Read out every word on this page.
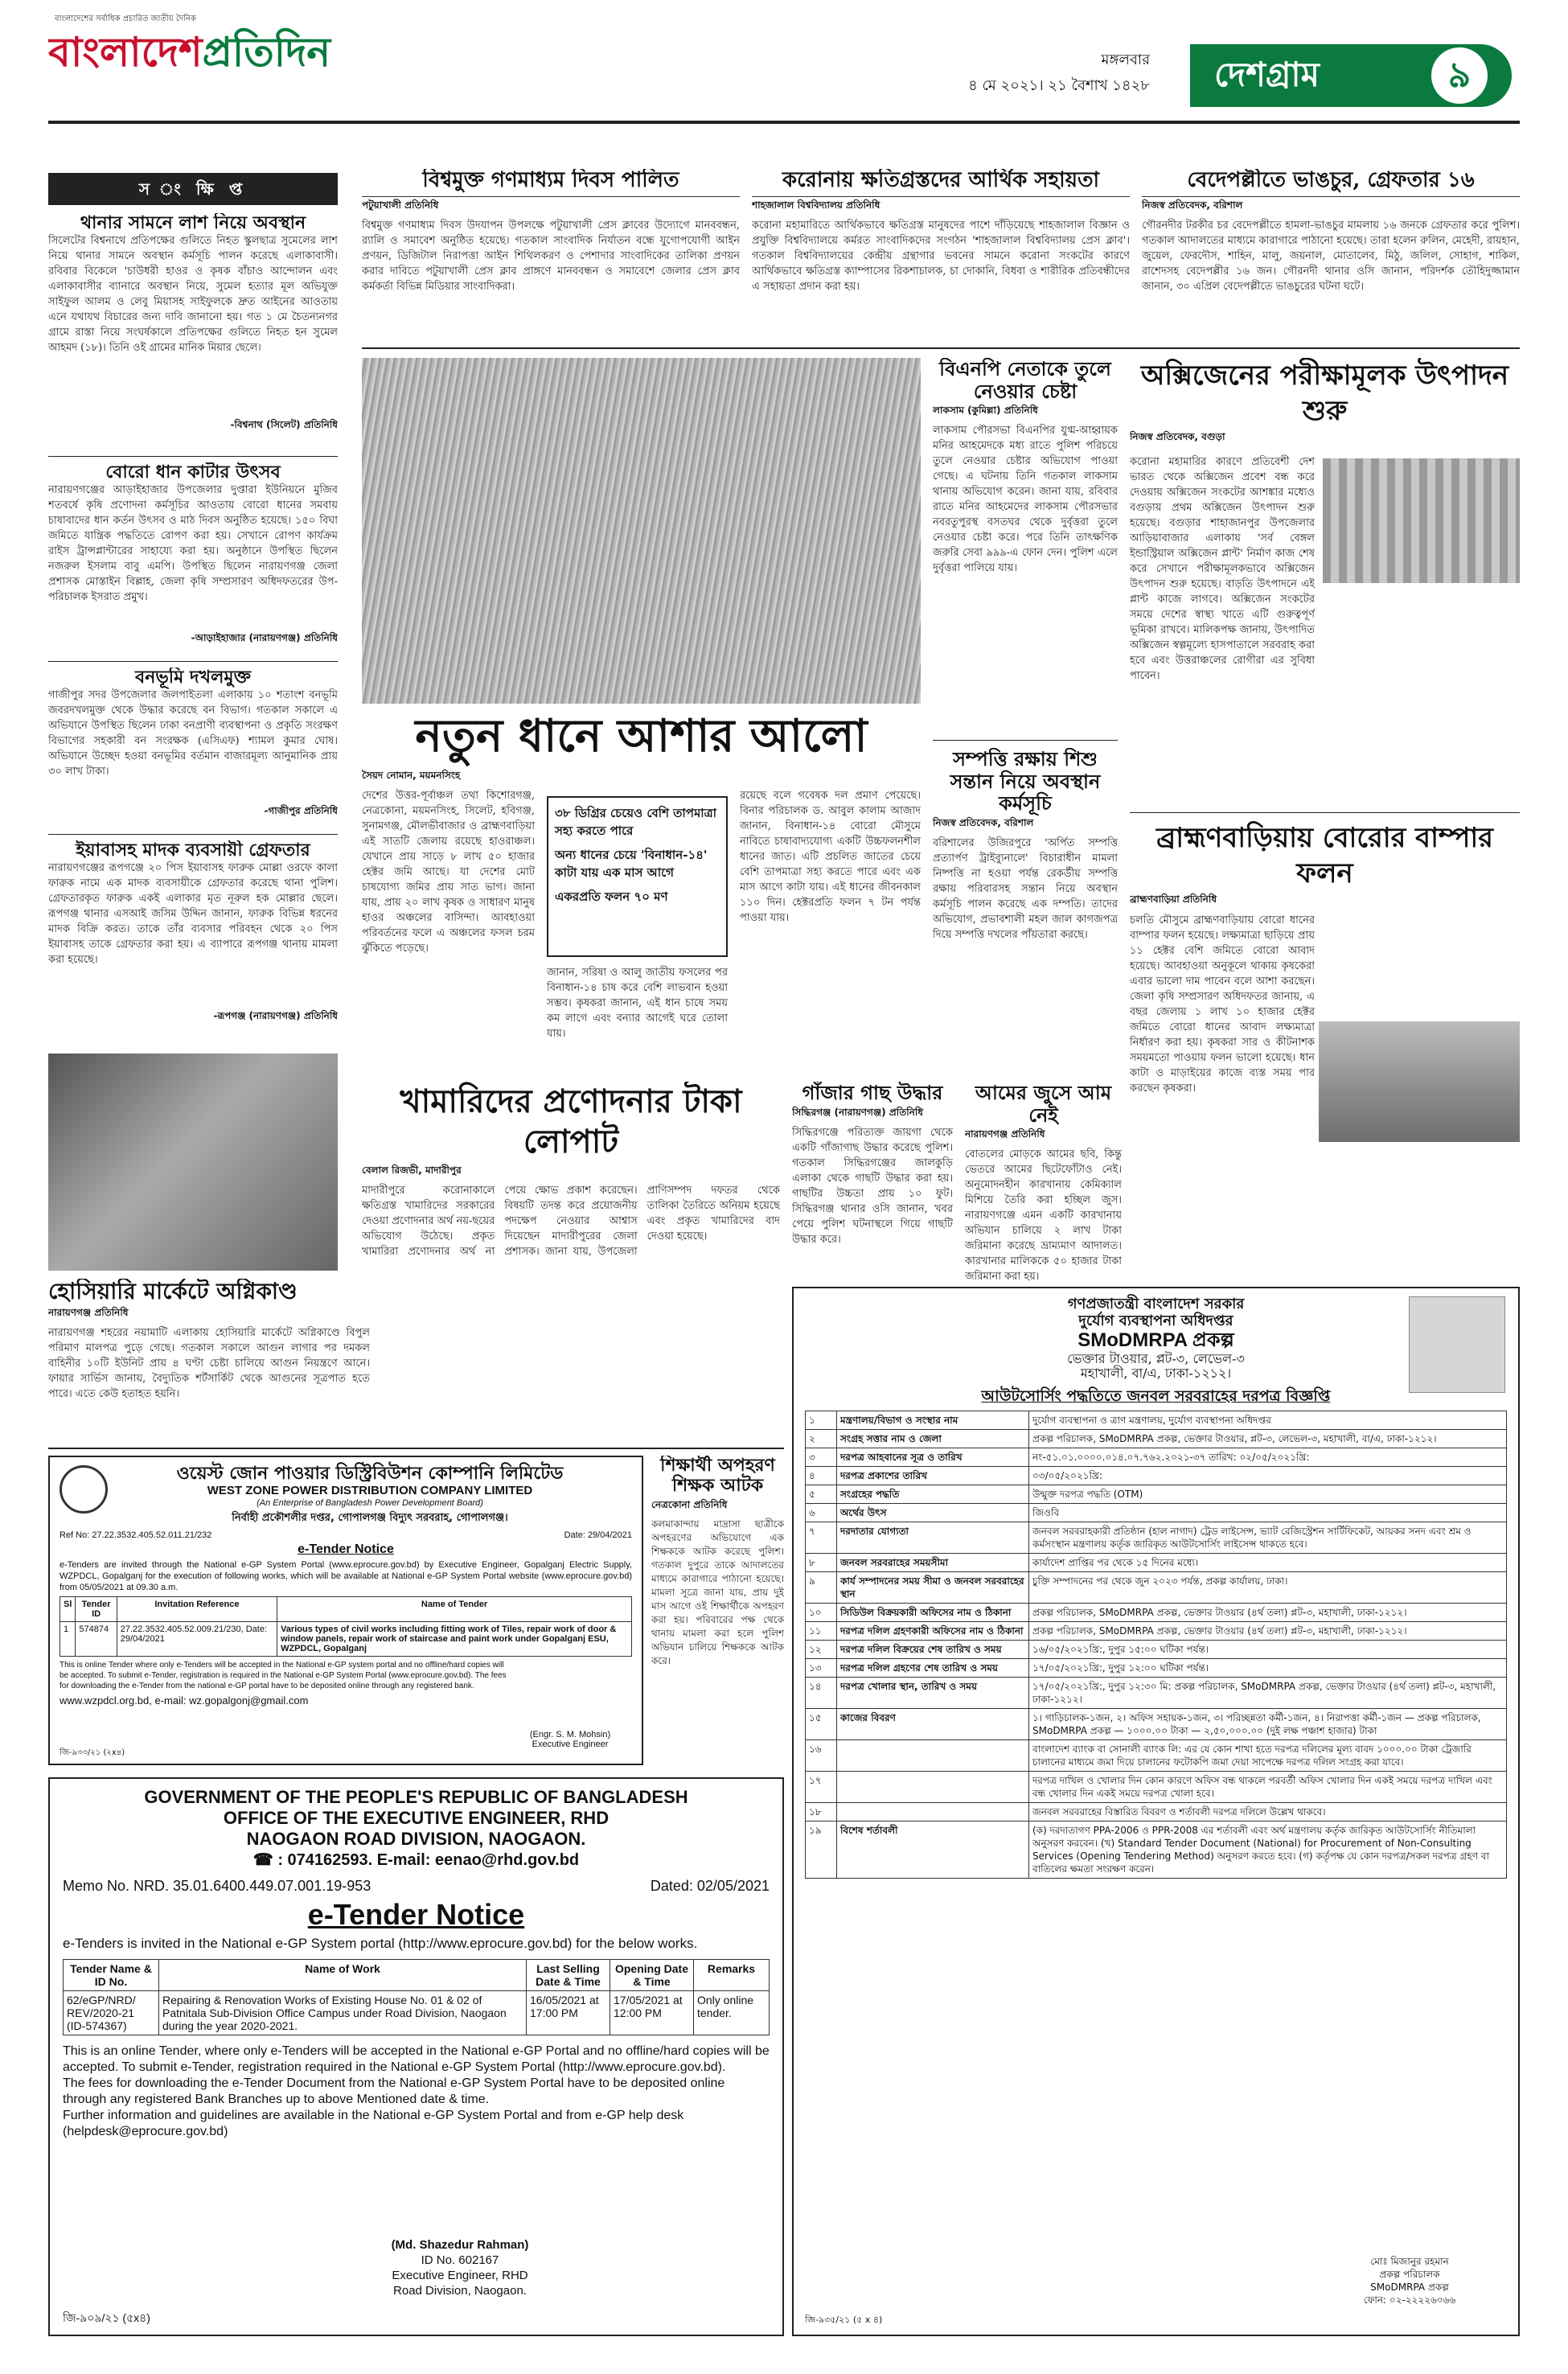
বাংলাদেশের সর্বাধিক প্রচারিত জাতীয় দৈনিক
বাংলাদেশপ্রতিদিন	মঙ্গলবার
৪ মে ২০২১। ২১ বৈশাখ ১৪২৮ দেশগ্রাম	৯
স ং ক্ষি প্ত
থানার সামনে লাশ নিয়ে অবস্থান
সিলেটের বিশ্বনাথে প্রতিপক্ষের গুলিতে নিহত স্কুলছাত্র সুমেলের লাশ নিয়ে থানার সামনে অবস্থান কর্মসূচি পালন করেছে এলাকাবাসী। রবিবার বিকেলে 'চাউধরী হাওর ও কৃষক বাঁচাও আন্দোলন এবং এলাকাবাসীর ব্যানারে অবস্থান নিয়ে, সুমেল হত্যার মূল অভিযুক্ত সাইফুল আলম ও লেবু মিয়াসহ সাইফুলকে দ্রুত আইনের আওতায় এনে যথাযথ বিচারের জন্য দাবি জানানো হয়। গত ১ মে চৈতন্যনগর গ্রামে রাস্তা নিয়ে সংঘর্ষকালে প্রতিপক্ষের গুলিতে নিহত হন সুমেল আহমদ (১৮)। তিনি ওই গ্রামের মানিক মিয়ার ছেলে।
-বিশ্বনাথ (সিলেট) প্রতিনিধি
বোরো ধান কাটার উৎসব
নারায়ণগঞ্জের আড়াইহাজার উপজেলার দুপ্তারা ইউনিয়নে মুজিব শতবর্ষে কৃষি প্রণোদনা কর্মসূচির আওতায় বোরো ধানের সমবায় চাষাবাদের ধান কর্তন উৎসব ও মাঠ দিবস অনুষ্ঠিত হয়েছে। ১৫০ বিঘা জমিতে যান্ত্রিক পদ্ধতিতে রোপণ করা হয়। সেখানে রোপণ কার্যক্রম রাইস ট্রান্সপ্লান্টারের সাহায্যে করা হয়। অনুষ্ঠানে উপস্থিত ছিলেন নজরুল ইসলাম বাবু এমপি। উপস্থিত ছিলেন নারায়ণগঞ্জ জেলা প্রশাসক মোস্তাইন বিল্লাহ, জেলা কৃষি সম্প্রসারণ অধিদফতরের উপ-পরিচালক ইসরাত প্রমুখ।
-আড়াইহাজার (নারায়ণগঞ্জ) প্রতিনিধি
বনভূমি দখলমুক্ত
গাজীপুর সদর উপজেলার জলপাইতলা এলাকায় ১০ শতাংশ বনভূমি জবরদখলমুক্ত থেকে উদ্ধার করেছে বন বিভাগ। গতকাল সকালে এ অভিযানে উপস্থিত ছিলেন ঢাকা বনপ্রাণী ব্যবস্থাপনা ও প্রকৃতি সংরক্ষণ বিভাগের সহকারী বন সংরক্ষক (এসিএফ) শ্যামল কুমার ঘোষ। অভিযানে উচ্ছেদ হওয়া বনভূমির বর্তমান বাজারমূল্য আনুমানিক প্রায় ৩০ লাখ টাকা।
-গাজীপুর প্রতিনিধি
ইয়াবাসহ মাদক ব্যবসায়ী গ্রেফতার
নারায়ণগঞ্জের রূপগঞ্জে ২০ পিস ইয়াবাসহ ফারুক মোল্লা ওরফে কালা ফারুক নামে এক মাদক ব্যবসায়ীকে গ্রেফতার করেছে থানা পুলিশ। গ্রেফতারকৃত ফারুক একই এলাকার মৃত নূরুল হক মোল্লার ছেলে। রূপগঞ্জ থানার এসআই জসিম উদ্দিন জানান, ফারুক বিভিন্ন ধরনের মাদক বিক্রি করত। তাকে তাঁর ব্যবসার পরিবহন থেকে ২০ পিস ইয়াবাসহ তাকে গ্রেফতার করা হয়। এ ব্যাপারে রূপগঞ্জ থানায় মামলা করা হয়েছে।
-রূপগঞ্জ (নারায়ণগঞ্জ) প্রতিনিধি
বিশ্বমুক্ত গণমাধ্যম দিবস পালিত
পটুয়াখালী প্রতিনিধি
বিশ্বমুক্ত গণমাধ্যম দিবস উদযাপন উপলক্ষে পটুয়াখালী প্রেস ক্লাবের উদ্যোগে মানববন্ধন, র‍্যালি ও সমাবেশ অনুষ্ঠিত হয়েছে। গতকাল সাংবাদিক নির্যাতন বন্ধে যুগোপযোগী আইন প্রণয়ন, ডিজিটাল নিরাপত্তা আইন শিথিলকরণ ও পেশাদার সাংবাদিকের তালিকা প্রণয়ন করার দাবিতে পটুয়াখালী প্রেস ক্লাব প্রাঙ্গণে মানববন্ধন ও সমাবেশে জেলার প্রেস ক্লাব কর্মকর্তা বিভিন্ন মিডিয়ার সাংবাদিকরা।
করোনায় ক্ষতিগ্রস্তদের আর্থিক সহায়তা
শাহজালাল বিশ্ববিদ্যালয় প্রতিনিধি
করোনা মহামারিতে আর্থিকভাবে ক্ষতিগ্রস্ত মানুষদের পাশে দাঁড়িয়েছে শাহজালাল বিজ্ঞান ও প্রযুক্তি বিশ্ববিদ্যালয়ে কর্মরত সাংবাদিকদের সংগঠন 'শাহজালাল বিশ্ববিদ্যালয় প্রেস ক্লাব'। গতকাল বিশ্ববিদ্যালয়ের কেন্দ্রীয় গ্রন্থাগার ভবনের সামনে করোনা সংকটের কারণে আর্থিকভাবে ক্ষতিগ্রস্ত ক্যাম্পাসের রিকশাচালক, চা দোকানি, বিধবা ও শারীরিক প্রতিবন্ধীদের এ সহায়তা প্রদান করা হয়।
বেদেপল্লীতে ভাঙচুর, গ্রেফতার ১৬
নিজস্ব প্রতিবেদক, বরিশাল
গৌরনদীর টরকীর চর বেদেপল্লীতে হামলা-ভাঙচুর মামলায় ১৬ জনকে গ্রেফতার করে পুলিশ। গতকাল আদালতের মাধ্যমে কারাগারে পাঠানো হয়েছে। তারা হলেন রুলিন, মেহেদী, রায়হান, জুয়েল, ফেরদৌস, শাহিন, মালু, জয়নাল, মোতালেব, মিঠু, জলিল, সোহাগ, শাকিল, রাশেদসহ বেদেপল্লীর ১৬ জন। গৌরনদী থানার ওসি জানান, পরিদর্শক তৌহিদুজ্জামান জানান, ৩০ এপ্রিল বেদেপল্লীতে ভাঙচুরের ঘটনা ঘটে।
নতুন ধানে আশার আলো
সৈয়দ নোমান, ময়মনসিংহ
দেশের উত্তর-পূর্বাঞ্চল তথা কিশোরগঞ্জ, নেত্রকোনা, ময়মনসিংহ, সিলেট, হবিগঞ্জ, সুনামগঞ্জ, মৌলভীবাজার ও ব্রাহ্মণবাড়িয়া এই সাতটি জেলায় রয়েছে হাওরাঞ্চল। যেখানে প্রায় সাড়ে ৮ লাখ ৫০ হাজার হেক্টর জমি আছে। যা দেশের মোট চাষযোগ্য জমির প্রায় সাত ভাগ। জানা যায়, প্রায় ২০ লাখ কৃষক ও সাধারণ মানুষ হাওর অঞ্চলের বাসিন্দা। আবহাওয়া পরিবর্তনের ফলে এ অঞ্চলের ফসল চরম ঝুঁকিতে পড়েছে।
৩৮ ডিগ্রির চেয়েও বেশি তাপমাত্রা সহ্য করতে পারে
অন্য ধানের চেয়ে 'বিনাধান-১৪' কাটা যায় এক মাস আগে
একরপ্রতি ফলন ৭০ মণ
জানান, সরিষা ও আলু জাতীয় ফসলের পর বিনাধান-১৪ চাষ করে বেশি লাভবান হওয়া সম্ভব। কৃষকরা জানান, এই ধান চাষে সময় কম লাগে এবং বন্যার আগেই ঘরে তোলা যায়।
রয়েছে বলে গবেষক দল প্রমাণ পেয়েছে। বিনার পরিচালক ড. আবুল কালাম আজাদ জানান, বিনাধান-১৪ বোরো মৌসুমে নাবিতে চাষাবাদ্যযোগ্য একটি উচ্চফলনশীল ধানের জাত। এটি প্রচলিত জাতের চেয়ে বেশি তাপমাত্রা সহ্য করতে পারে এবং এক মাস আগে কাটা যায়। এই ধানের জীবনকাল ১১০ দিন। হেক্টরপ্রতি ফলন ৭ টন পর্যন্ত পাওয়া যায়।
বিএনপি নেতাকে তুলে নেওয়ার চেষ্টা
লাকসাম (কুমিল্লা) প্রতিনিধি
লাকসাম পৌরসভা বিএনপির যুগ্ম-আহ্বায়ক মনির আহমেদকে মধ্য রাতে পুলিশ পরিচয়ে তুলে নেওয়ার চেষ্টার অভিযোগ পাওয়া গেছে। এ ঘটনায় তিনি গতকাল লাকসাম থানায় অভিযোগ করেন। জানা যায়, রবিবার রাতে মনির আহমেদের লাকসাম পৌরসভার নবরতুপুরস্থ বসতঘর থেকে দুর্বৃত্তরা তুলে নেওয়ার চেষ্টা করে। পরে তিনি তাৎক্ষণিক জরুরি সেবা ৯৯৯-এ ফোন দেন। পুলিশ এলে দুর্বৃত্তরা পালিয়ে যায়।
সম্পত্তি রক্ষায় শিশু সন্তান নিয়ে অবস্থান কর্মসূচি
নিজস্ব প্রতিবেদক, বরিশাল
বরিশালের উজিরপুরে 'অর্পিত সম্পত্তি প্রত্যার্পণ ট্রাইব্যুনালে' বিচারাধীন মামলা নিষ্পত্তি না হওয়া পর্যন্ত রেকর্ডীয় সম্পত্তি রক্ষায় পরিবারসহ সন্তান নিয়ে অবস্থান কর্মসূচি পালন করেছে এক দম্পতি। তাদের অভিযোগ, প্রভাবশালী মহল জাল কাগজপত্র দিয়ে সম্পত্তি দখলের পাঁয়তারা করছে।
অক্সিজেনের পরীক্ষামূলক উৎপাদন শুরু
নিজস্ব প্রতিবেদক, বগুড়া
করোনা মহামারির কারণে প্রতিবেশী দেশ ভারত থেকে অক্সিজেন প্রবেশ বন্ধ করে দেওয়ায় অক্সিজেন সংকটের আশঙ্কার মধ্যেও বগুড়ায় প্রথম অক্সিজেন উৎপাদন শুরু হয়েছে। বগুড়ার শাহাজানপুর উপজেলার আড়িয়াবাজার এলাকায় 'সর্ব বেঙ্গল ইন্ডাস্ট্রিয়াল অক্সিজেন প্লান্ট' নির্মাণ কাজ শেষ করে সেখানে পরীক্ষামূলকভাবে অক্সিজেন উৎপাদন শুরু হয়েছে। বাড়তি উৎপাদনে এই প্লান্ট কাজে লাগবে। অক্সিজেন সংকটের সময়ে দেশের স্বাস্থ্য খাতে এটি গুরুত্বপূর্ণ ভূমিকা রাখবে। মালিকপক্ষ জানায়, উৎপাদিত অক্সিজেন স্বল্পমূল্যে হাসপাতালে সরবরাহ করা হবে এবং উত্তরাঞ্চলের রোগীরা এর সুবিধা পাবেন।
ব্রাহ্মণবাড়িয়ায় বোরোর বাম্পার ফলন
ব্রাহ্মণবাড়িয়া প্রতিনিধি
চলতি মৌসুমে ব্রাহ্মণবাড়িয়ায় বোরো ধানের বাম্পার ফলন হয়েছে। লক্ষ্যমাত্রা ছাড়িয়ে প্রায় ১১ হেক্টর বেশি জমিতে বোরো আবাদ হয়েছে। আবহাওয়া অনুকূলে থাকায় কৃষকেরা এবার ভালো দাম পাবেন বলে আশা করছেন। জেলা কৃষি সম্প্রসারণ অধিদফতর জানায়, এ বছর জেলায় ১ লাখ ১০ হাজার হেক্টর জমিতে বোরো ধানের আবাদ লক্ষ্যমাত্রা নির্ধারণ করা হয়। কৃষকরা সার ও কীটনাশক সময়মতো পাওয়ায় ফলন ভালো হয়েছে। ধান কাটা ও মাড়াইয়ের কাজে ব্যস্ত সময় পার করছেন কৃষকরা।
হোসিয়ারি মার্কেটে অগ্নিকাণ্ড
নারায়ণগঞ্জ প্রতিনিধি
নারায়ণগঞ্জ শহরের নয়ামাটি এলাকায় হোসিয়ারি মার্কেটে অগ্নিকাণ্ডে বিপুল পরিমাণ মালপত্র পুড়ে গেছে। গতকাল সকালে আগুন লাগার পর দমকল বাহিনীর ১০টি ইউনিট প্রায় ৪ ঘণ্টা চেষ্টা চালিয়ে আগুন নিয়ন্ত্রণে আনে। ফায়ার সার্ভিস জানায়, বৈদ্যুতিক শর্টসার্কিট থেকে আগুনের সূত্রপাত হতে পারে। এতে কেউ হতাহত হয়নি।
খামারিদের প্রণোদনার টাকা লোপাট
বেলাল রিজভী, মাদারীপুর
মাদারীপুরে করোনাকালে ক্ষতিগ্রস্ত খামারিদের সরকারের দেওয়া প্রণোদনার অর্থ নয়-ছয়ের অভিযোগ উঠেছে। প্রকৃত খামারিরা প্রণোদনার অর্থ না পেয়ে ক্ষোভ প্রকাশ করেছেন। বিষয়টি তদন্ত করে প্রয়োজনীয় পদক্ষেপ নেওয়ার আশ্বাস দিয়েছেন মাদারীপুরের জেলা প্রশাসক। জানা যায়, উপজেলা প্রাণিসম্পদ দফতর থেকে তালিকা তৈরিতে অনিয়ম হয়েছে এবং প্রকৃত খামারিদের বাদ দেওয়া হয়েছে।
গাঁজার গাছ উদ্ধার
সিদ্ধিরগঞ্জ (নারায়ণগঞ্জ) প্রতিনিধি
সিদ্ধিরগঞ্জে পরিত্যক্ত জায়গা থেকে একটি গাঁজাগাছ উদ্ধার করেছে পুলিশ। গতকাল সিদ্ধিরগঞ্জের জালকুড়ি এলাকা থেকে গাছটি উদ্ধার করা হয়। গাছটির উচ্চতা প্রায় ১০ ফুট। সিদ্ধিরগঞ্জ থানার ওসি জানান, খবর পেয়ে পুলিশ ঘটনাস্থলে গিয়ে গাছটি উদ্ধার করে।
আমের জুসে আম নেই
নারায়ণগঞ্জ প্রতিনিধি
বোতলের মোড়কে আমের ছবি, কিন্তু ভেতরে আমের ছিটেফোঁটাও নেই। অনুমোদনহীন কারখানায় কেমিক্যাল মিশিয়ে তৈরি করা হচ্ছিল জুস। নারায়ণগঞ্জে এমন একটি কারখানায় অভিযান চালিয়ে ২ লাখ টাকা জরিমানা করেছে ভ্রাম্যমাণ আদালত। কারখানার মালিককে ৫০ হাজার টাকা জরিমানা করা হয়।
ওয়েস্ট জোন পাওয়ার ডিস্ট্রিবিউশন কোম্পানি লিমিটেড
WEST ZONE POWER DISTRIBUTION COMPANY LIMITED
(An Enterprise of Bangladesh Power Development Board)
নির্বাহী প্রকৌশলীর দপ্তর, গোপালগঞ্জ বিদ্যুৎ সরবরাহ, গোপালগঞ্জ।
Ref No: 27.22.3532.405.52.011.21/232	Date: 29/04/2021
e-Tender Notice
e-Tenders are invited through the National e-GP System Portal (www.eprocure.gov.bd) by Executive Engineer, Gopalganj Electric Supply, WZPDCL, Gopalganj for the execution of following works, which will be available at National e-GP System Portal website (www.eprocure.gov.bd) from 05/05/2021 at 09.30 a.m.
Sl	Tender ID	Invitation Reference	Name of Tender
1	574874	27.22.3532.405.52.009.21/230, Date: 29/04/2021	Various types of civil works including fitting work of Tiles, repair work of door & window panels, repair work of staircase and paint work under Gopalganj ESU, WZPDCL, Gopalganj
This is online Tender where only e-Tenders will be accepted in the National e-GP system portal and no offline/hard copies will be accepted. To submit e-Tender, registration is required in the National e-GP System Portal (www.eprocure.gov.bd). The fees for downloading the e-Tender from the national e-GP portal have to be deposited online through any registered bank.
www.wzpdcl.org.bd, e-mail: wz.gopalgonj@gmail.com
(Engr. S. M. Mohsin)
Executive Engineer
জি-৯৩৩/২১ (২x৪)
শিক্ষার্থী অপহরণ শিক্ষক আটক
নেত্রকোনা প্রতিনিধি
কলমাকান্দায় মাদ্রাসা ছাত্রীকে অপহরণের অভিযোগে এক শিক্ষককে আটক করেছে পুলিশ। গতকাল দুপুরে তাকে আদালতের মাধ্যমে কারাগারে পাঠানো হয়েছে। মামলা সূত্রে জানা যায়, প্রায় দুই মাস আগে ওই শিক্ষার্থীকে অপহরণ করা হয়। পরিবারের পক্ষ থেকে থানায় মামলা করা হলে পুলিশ অভিযান চালিয়ে শিক্ষককে আটক করে।
GOVERNMENT OF THE PEOPLE'S REPUBLIC OF BANGLADESH
OFFICE OF THE EXECUTIVE ENGINEER, RHD
NAOGAON ROAD DIVISION, NAOGAON.
☎ : 074162593. E-mail: eenao@rhd.gov.bd
Memo No. NRD. 35.01.6400.449.07.001.19-953	Dated: 02/05/2021
e-Tender Notice
e-Tenders is invited in the National e-GP System portal (http://www.eprocure.gov.bd) for the below works.
Tender Name & ID No.	Name of Work	Last Selling Date & Time	Opening Date & Time	Remarks
62/eGP/NRD/ REV/2020-21 (ID-574367)	Repairing & Renovation Works of Existing House No. 01 & 02 of Patnitala Sub-Division Office Campus under Road Division, Naogaon during the year 2020-2021.	16/05/2021 at 17:00 PM	17/05/2021 at 12:00 PM	Only online tender.
This is an online Tender, where only e-Tenders will be accepted in the National e-GP Portal and no offline/hard copies will be accepted. To submit e-Tender, registration required in the National e-GP System Portal (http://www.eprocure.gov.bd).
The fees for downloading the e-Tender Document from the National e-GP System Portal have to be deposited online through any registered Bank Branches up to above Mentioned date & time.
Further information and guidelines are available in the National e-GP System Portal and from e-GP help desk (helpdesk@eprocure.gov.bd)
(Md. Shazedur Rahman)
ID No. 602167
Executive Engineer, RHD
Road Division, Naogaon.
জি-৯০৯/২১ (৫x৪)
গণপ্রজাতন্ত্রী বাংলাদেশ সরকার
দুর্যোগ ব্যবস্থাপনা অধিদপ্তর
SMoDMRPA প্রকল্প
ভেক্তার টাওয়ার, প্লট-৩, লেভেল-৩
মহাখালী, বা/এ, ঢাকা-১২১২।
আউটসোর্সিং পদ্ধতিতে জনবল সরবরাহের দরপত্র বিজ্ঞপ্তি
১	মন্ত্রণালয়/বিভাগ ও সংস্থার নাম	দুর্যোগ ব্যবস্থাপনা ও ত্রাণ মন্ত্রণালয়, দুর্যোগ ব্যবস্থাপনা অধিদপ্তর
২	সংগ্রহ সত্তার নাম ও জেলা	প্রকল্প পরিচালক, SMoDMRPA প্রকল্প, ভেক্তার টাওয়ার, প্লট-৩, লেভেল-৩, মহাখালী, বা/এ, ঢাকা-১২১২।
৩	দরপত্র আহবানের সূত্র ও তারিখ	নং-৫১.০১.০০০০.০১৪.০৭.৭৬২.২০২১-৩৭ তারিখ: ০২/০৫/২০২১খ্রি:
৪	দরপত্র প্রকাশের তারিখ	০৩/০৫/২০২১খ্রি:
৫	সংগ্রহের পদ্ধতি	উন্মুক্ত দরপত্র পদ্ধতি (OTM)
৬	অর্থের উৎস	জিওবি
৭	দরদাতার যোগ্যতা	জনবল সরবরাহকারী প্রতিষ্ঠান (হাল নাগাদ) ট্রেড লাইসেন্স, ভ্যাট রেজিস্ট্রেশন সার্টিফিকেট, আয়কর সনদ এবং শ্রম ও কর্মসংস্থান মন্ত্রণালয় কর্তৃক জারিকৃত আউটসোর্সিং লাইসেন্স থাকতে হবে।
৮	জনবল সরবরাহের সময়সীমা	কার্যাদেশ প্রাপ্তির পর থেকে ১৫ দিনের মধ্যে।
৯	কার্য সম্পাদনের সময় সীমা ও জনবল সরবরাহের স্থান	চুক্তি সম্পাদনের পর থেকে জুন ২০২৩ পর্যন্ত, প্রকল্প কার্যালয়, ঢাকা।
১০	সিডিউল বিক্রয়কারী অফিসের নাম ও ঠিকানা	প্রকল্প পরিচালক, SMoDMRPA প্রকল্প, ভেক্তার টাওয়ার (৪র্থ তলা) প্লট-৩, মহাখালী, ঢাকা-১২১২।
১১	দরপত্র দলিল গ্রহণকারী অফিসের নাম ও ঠিকানা	প্রকল্প পরিচালক, SMoDMRPA প্রকল্প, ভেক্তার টাওয়ার (৪র্থ তলা) প্লট-৩, মহাখালী, ঢাকা-১২১২।
১২	দরপত্র দলিল বিক্রয়ের শেষ তারিখ ও সময়	১৬/০৫/২০২১খ্রি:, দুপুর ১৫:০০ ঘটিকা পর্যন্ত।
১৩	দরপত্র দলিল গ্রহণের শেষ তারিখ ও সময়	১৭/০৫/২০২১খ্রি:, দুপুর ১২:০০ ঘটিকা পর্যন্ত।
১৪	দরপত্র খোলার স্থান, তারিখ ও সময়	১৭/০৫/২০২১খ্রি:, দুপুর ১২:৩০ মি: প্রকল্প পরিচালক, SMoDMRPA প্রকল্প, ভেক্তার টাওয়ার (৪র্থ তলা) প্লট-৩, মহাখালী, ঢাকা-১২১২।
১৫	কাজের বিবরণ	১। গাড়িচালক-১জন, ২। অফিস সহায়ক-১জন, ৩। পরিচ্ছন্নতা কর্মী-১জন, ৪। নিরাপত্তা কর্মী-১জন — প্রকল্প পরিচালক, SMoDMRPA প্রকল্প — ১০০০.০০ টাকা — ২,৫০,০০০.০০ (দুই লক্ষ পঞ্চাশ হাজার) টাকা
১৬		বাংলাদেশ ব্যাংক বা সোনালী ব্যাংক লি: এর যে কোন শাখা হতে দরপত্র দলিলের মূল্য বাবদ ১০০০.০০ টাকা ট্রেজারি চালানের মাধ্যমে জমা দিয়ে চালানের ফটোকপি জমা দেয়া সাপেক্ষে দরপত্র দলিল সংগ্রহ করা যাবে।
১৭		দরপত্র দাখিল ও খোলার দিন কোন কারণে অফিস বন্ধ থাকলে পরবর্তী অফিস খোলার দিন একই সময়ে দরপত্র দাখিল এবং বন্ধ খোলার দিন একই সময়ে দরপত্র খোলা হবে।
১৮		জনবল সরবরাহের বিস্তারিত বিবরণ ও শর্তাবলী দরপত্র দলিলে উল্লেখ থাকবে।
১৯	বিশেষ শর্তাবলী	(ক) দরদাতাগণ PPA-2006 ও PPR-2008 এর শর্তাবলী এবং অর্থ মন্ত্রণালয় কর্তৃক জারিকৃত আউটসোর্সিং নীতিমালা অনুসরণ করবেন। (খ) Standard Tender Document (National) for Procurement of Non-Consulting Services (Opening Tendering Method) অনুসরণ করতে হবে। (গ) কর্তৃপক্ষ যে কোন দরপত্র/সকল দরপত্র গ্রহণ বা বাতিলের ক্ষমতা সংরক্ষণ করেন।
মোঃ মিজানুর রহমান
প্রকল্প পরিচালক
SMoDMRPA প্রকল্প
ফোন: ০২-২২২২৬০৬৬
জি-৯৩৫/২১ (৫ x ৪)
